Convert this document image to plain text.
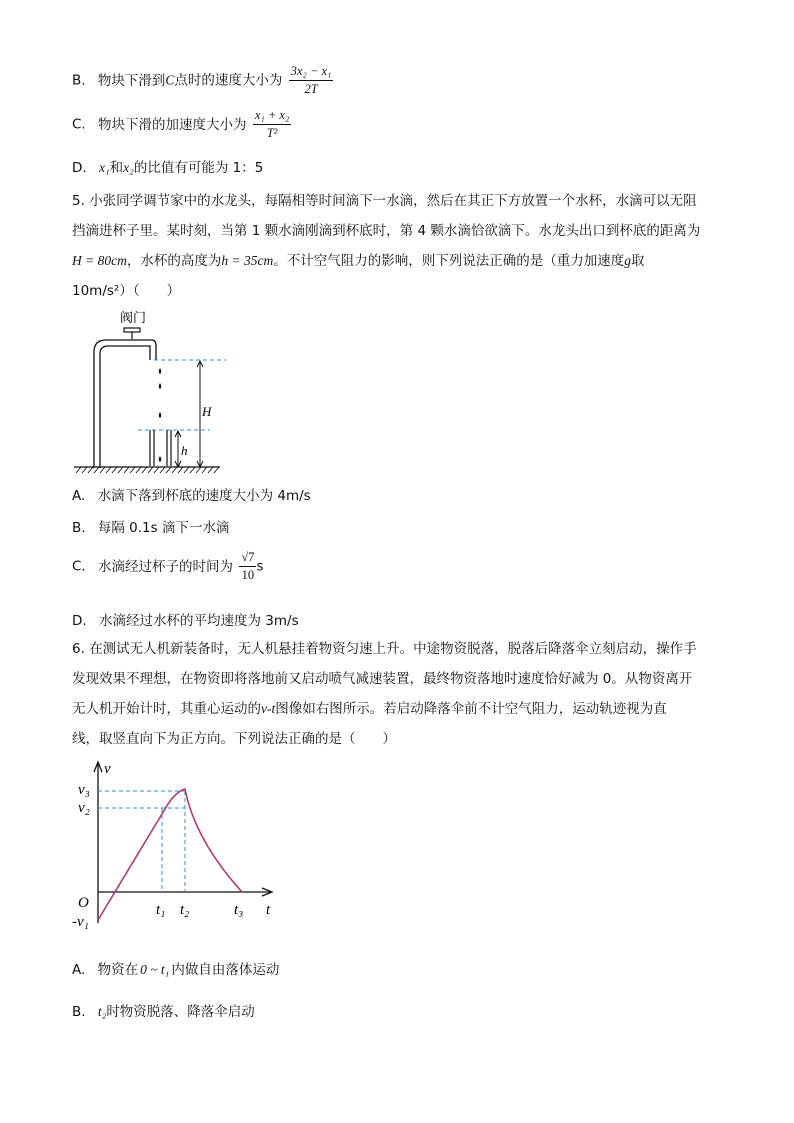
B. 物块下滑到C点时的速度大小为 $\frac{\text{3x₂ − x₁}}{2T}$
C. 物块下滑的加速度大小为 $\frac{\text{x₁ + x₂}}{\text{T²}}$
D. x₁和x₂的比值有可能为 1：5
5. 小张同学调节家中的水龙头，每隔相等时间滴下一水滴，然后在其正下方放置一个水杯，水滴可以无阻
挡滴进杯子里。某时刻，当第 1 颗水滴刚滴到杯底时，第 4 颗水滴恰欲滴下。水龙头出口到杯底的距离为
H = 80cm，水杯的高度为h = 35cm。不计空气阻力的影响，则下列说法正确的是（重力加速度g取
10m/s²）（　　）
阀门
H
h
A. 水滴下落到杯底的速度大小为 4m/s
B. 每隔 0.1s 滴下一水滴
C. 水滴经过杯子的时间为 $\frac{√7}{10}$ s
D. 水滴经过水杯的平均速度为 3m/s
6. 在测试无人机新装备时，无人机悬挂着物资匀速上升。中途物资脱落，脱落后降落伞立刻启动，操作手
发现效果不理想，在物资即将落地前又启动喷气减速装置，最终物资落地时速度恰好减为 0。从物资离开
无人机开始计时，其重心运动的v-t图像如右图所示。若启动降落伞前不计空气阻力，运动轨迹视为直
线，取竖直向下为正方向。下列说法正确的是（　　）
v
t
O
v₃
v₂
-v₁
t₁ t₂	t₃
A. 物资在 0 ~ t₁ 内做自由落体运动
B. t₂时物资脱落、降落伞启动
